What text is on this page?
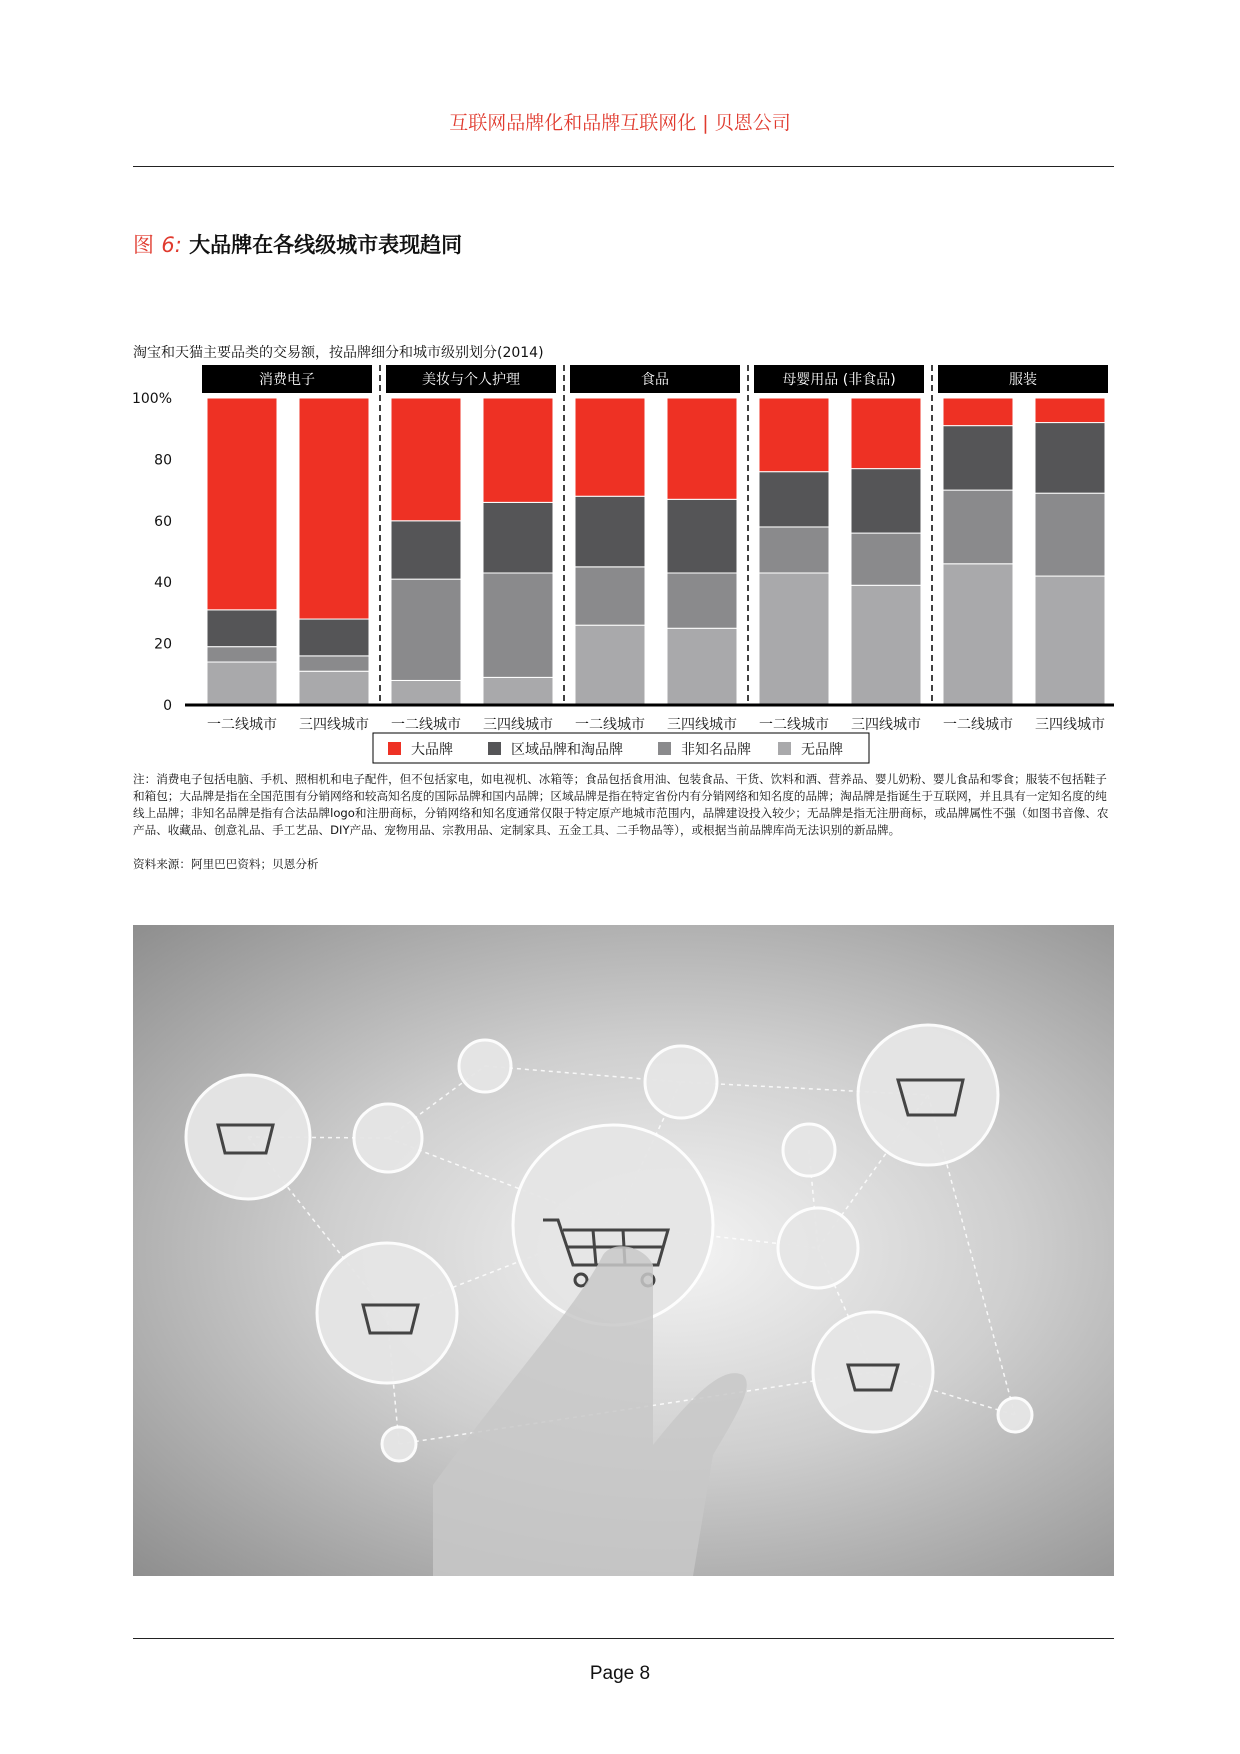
互联网品牌化和品牌互联网化 | 贝恩公司
图 6: 大品牌在各线级城市表现趋同
淘宝和天猫主要品类的交易额，按品牌细分和城市级别划分(2014)
0
20
40
60
80
100%
消费电子	美妆与个人护理	食品	母婴用品 (非食品)	服装
一二线城市 三四线城市 一二线城市 三四线城市 一二线城市 三四线城市 一二线城市 三四线城市 一二线城市 三四线城市
大品牌	区域品牌和淘品牌	非知名品牌	无品牌
注：消费电子包括电脑、手机、照相机和电子配件，但不包括家电，如电视机、冰箱等；食品包括食用油、包装食品、干货、饮料和酒、营养品、婴儿奶粉、婴儿食品和零食；服装不包括鞋子和箱包；大品牌是指在全国范围有分销网络和较高知名度的国际品牌和国内品牌；区域品牌是指在特定省份内有分销网络和知名度的品牌；淘品牌是指诞生于互联网，并且具有一定知名度的纯线上品牌；非知名品牌是指有合法品牌logo和注册商标，分销网络和知名度通常仅限于特定原产地城市范围内，品牌建设投入较少；无品牌是指无注册商标，或品牌属性不强（如图书音像、农产品、收藏品、创意礼品、手工艺品、DIY产品、宠物用品、宗教用品、定制家具、五金工具、二手物品等），或根据当前品牌库尚无法识别的新品牌。
资料来源：阿里巴巴资料；贝恩分析
Page 8
